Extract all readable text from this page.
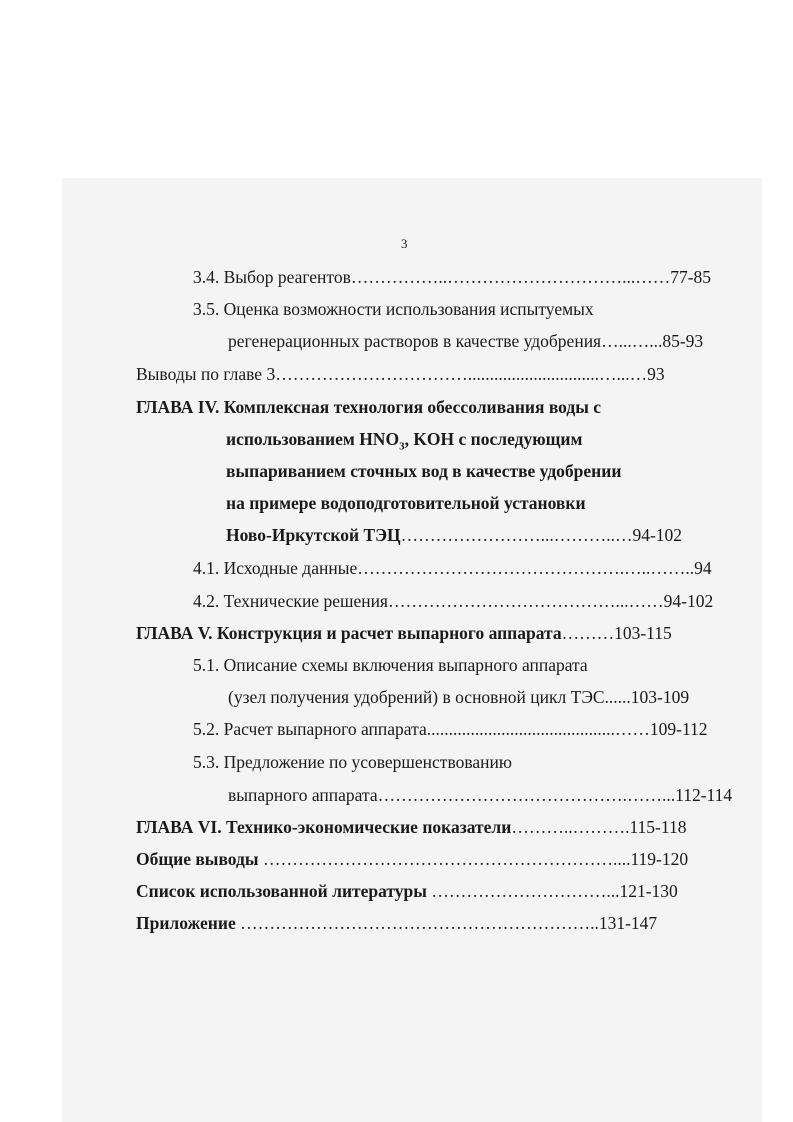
3
3.4. Выбор реагентов……………..…………………………...……77-85
3.5. Оценка возможности использования испытуемых
регенерационных растворов в качестве удобрения…...…...85-93
Выводы по главе 3……………………………..............................…...…93
ГЛАВА IV. Комплексная технология обессоливания воды с
использованием $HNO_3$, KOH с последующим
выпариванием сточных вод в качестве удобрении
на примере водоподготовительной установки
Ново-Иркутской ТЭЦ……………………...………..…94-102
4.1. Исходные данные……………………………………….…..……..94
4.2. Технические решения…………………………………...……94-102
ГЛАВА V. Конструкция и расчет выпарного аппарата………103-115
5.1. Описание схемы включения выпарного аппарата
(узел получения удобрений) в основной цикл ТЭС......103-109
5.2. Расчет выпарного аппарата...........................................……109-112
5.3. Предложение по усовершенствованию
выпарного аппарата…………………………………….……...112-114
ГЛАВА VI. Технико-экономические показатели………..……….115-118
Общие выводы ……………………………………………………....119-120
Список использованной литературы …………………………...121-130
Приложение ……………………………………………………..131-147
